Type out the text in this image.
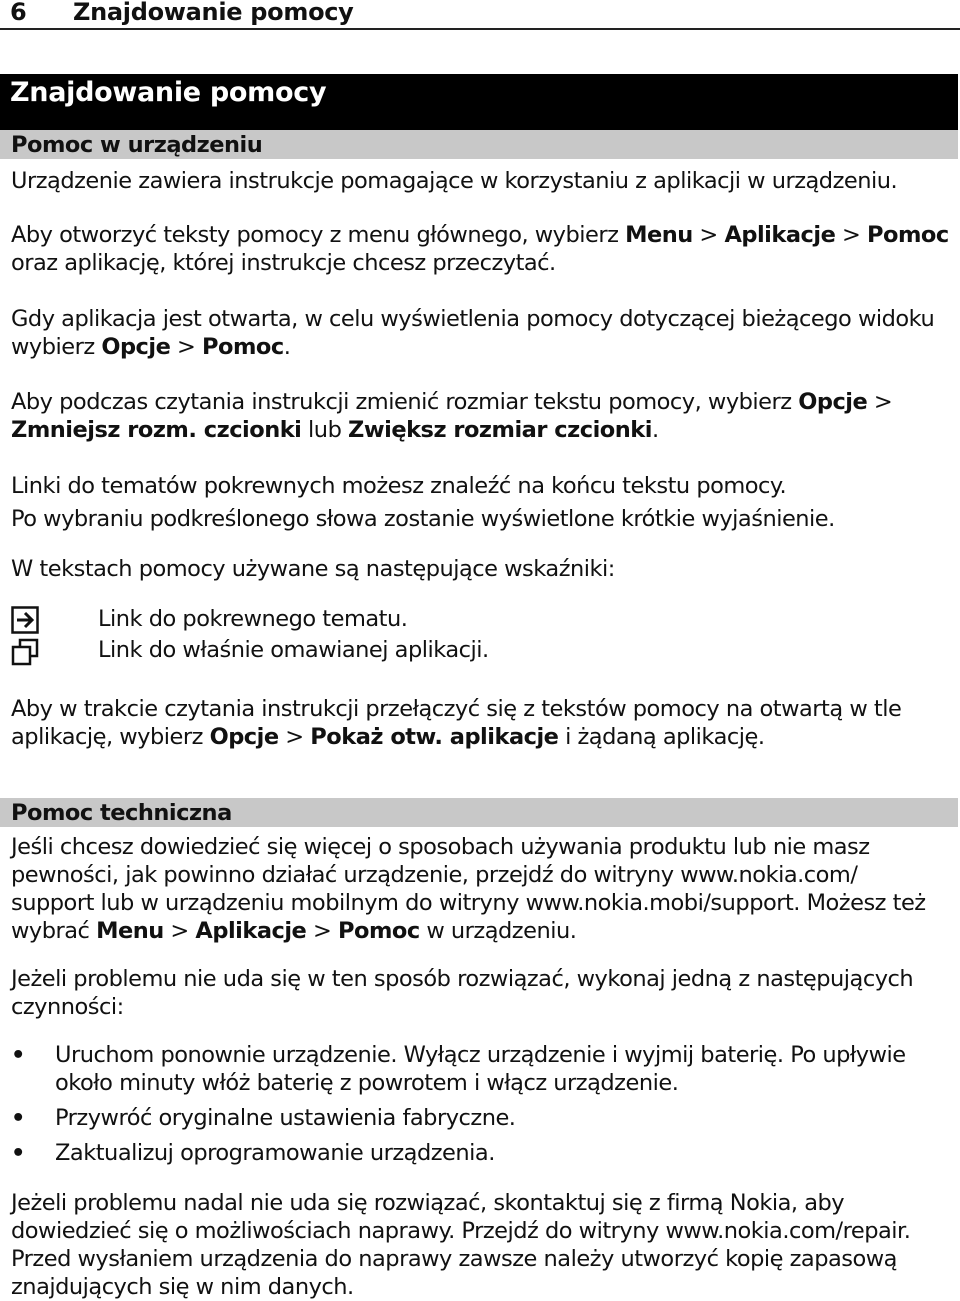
6 Znajdowanie pomocy
Znajdowanie pomocy
Pomoc w urządzeniu

Urządzenie zawiera instrukcje pomagające w korzystaniu z aplikacji w urządzeniu.

Aby otworzyć teksty pomocy z menu głównego, wybierz Menu > Aplikacje > Pomoc
oraz aplikację, której instrukcje chcesz przeczytać.
Gdy aplikacja jest otwarta, w celu wyświetlenia pomocy dotyczącej bieżącego widoku
wybierz Opcje > Pomoc.
Aby podczas czytania instrukcji zmienić rozmiar tekstu pomocy, wybierz Opcje >
Zmniejsz rozm. czcionki lub Zwiększ rozmiar czcionki.

Linki do tematów pokrewnych możesz znaleźć na końcu tekstu pomocy.

Po wybraniu podkreślonego słowa zostanie wyświetlone krótkie wyjaśnienie.

W tekstach pomocy używane są następujące wskaźniki:

Link do pokrewnego tematu.
Link do właśnie omawianej aplikacji.
Aby w trakcie czytania instrukcji przełączyć się z tekstów pomocy na otwartą w tle
aplikację, wybierz Opcje > Pokaż otw. aplikacje i żądaną aplikację.
Pomoc techniczna
Jeśli chcesz dowiedzieć się więcej o sposobach używania produktu lub nie masz
pewności, jak powinno działać urządzenie, przejdź do witryny www.nokia.com/
support lub w urządzeniu mobilnym do witryny www.nokia.mobi/support. Możesz też
wybrać Menu > Aplikacje > Pomoc w urządzeniu.
Jeżeli problemu nie uda się w ten sposób rozwiązać, wykonaj jedną z następujących
czynności:
• Uruchom ponownie urządzenie. Wyłącz urządzenie i wyjmij baterię. Po upływie
około minuty włóż baterię z powrotem i włącz urządzenie.
• Przywróć oryginalne ustawienia fabryczne.
• Zaktualizuj oprogramowanie urządzenia.
Jeżeli problemu nadal nie uda się rozwiązać, skontaktuj się z firmą Nokia, aby
dowiedzieć się o możliwościach naprawy. Przejdź do witryny www.nokia.com/repair.
Przed wysłaniem urządzenia do naprawy zawsze należy utworzyć kopię zapasową
znajdujących się w nim danych.
